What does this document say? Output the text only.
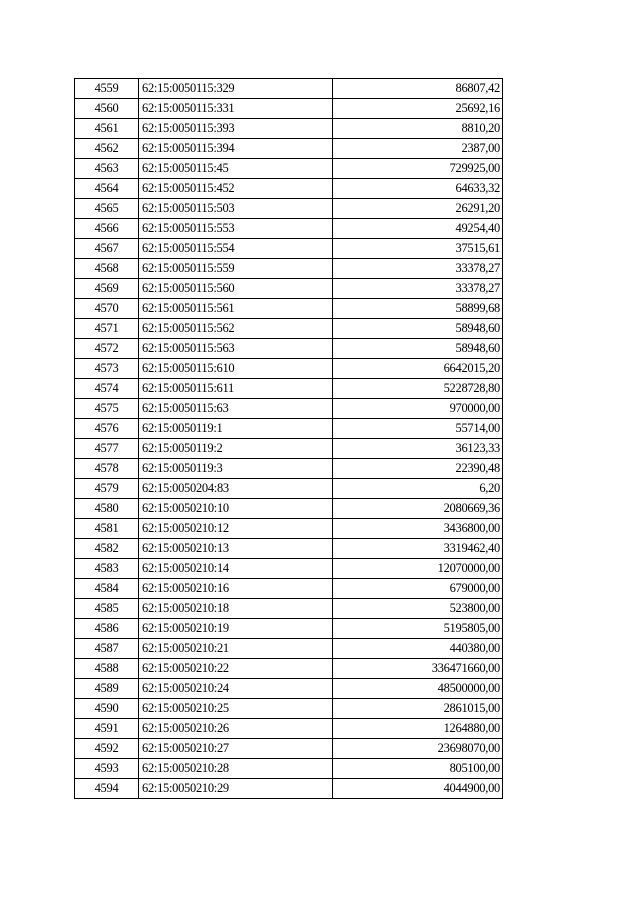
4559	62:15:0050115:329	86807,42
4560	62:15:0050115:331	25692,16
4561	62:15:0050115:393	8810,20
4562	62:15:0050115:394	2387,00
4563	62:15:0050115:45	729925,00
4564	62:15:0050115:452	64633,32
4565	62:15:0050115:503	26291,20
4566	62:15:0050115:553	49254,40
4567	62:15:0050115:554	37515,61
4568	62:15:0050115:559	33378,27
4569	62:15:0050115:560	33378,27
4570	62:15:0050115:561	58899,68
4571	62:15:0050115:562	58948,60
4572	62:15:0050115:563	58948,60
4573	62:15:0050115:610	6642015,20
4574	62:15:0050115:611	5228728,80
4575	62:15:0050115:63	970000,00
4576	62:15:0050119:1	55714,00
4577	62:15:0050119:2	36123,33
4578	62:15:0050119:3	22390,48
4579	62:15:0050204:83	6,20
4580	62:15:0050210:10	2080669,36
4581	62:15:0050210:12	3436800,00
4582	62:15:0050210:13	3319462,40
4583	62:15:0050210:14	12070000,00
4584	62:15:0050210:16	679000,00
4585	62:15:0050210:18	523800,00
4586	62:15:0050210:19	5195805,00
4587	62:15:0050210:21	440380,00
4588	62:15:0050210:22	336471660,00
4589	62:15:0050210:24	48500000,00
4590	62:15:0050210:25	2861015,00
4591	62:15:0050210:26	1264880,00
4592	62:15:0050210:27	23698070,00
4593	62:15:0050210:28	805100,00
4594	62:15:0050210:29	4044900,00
